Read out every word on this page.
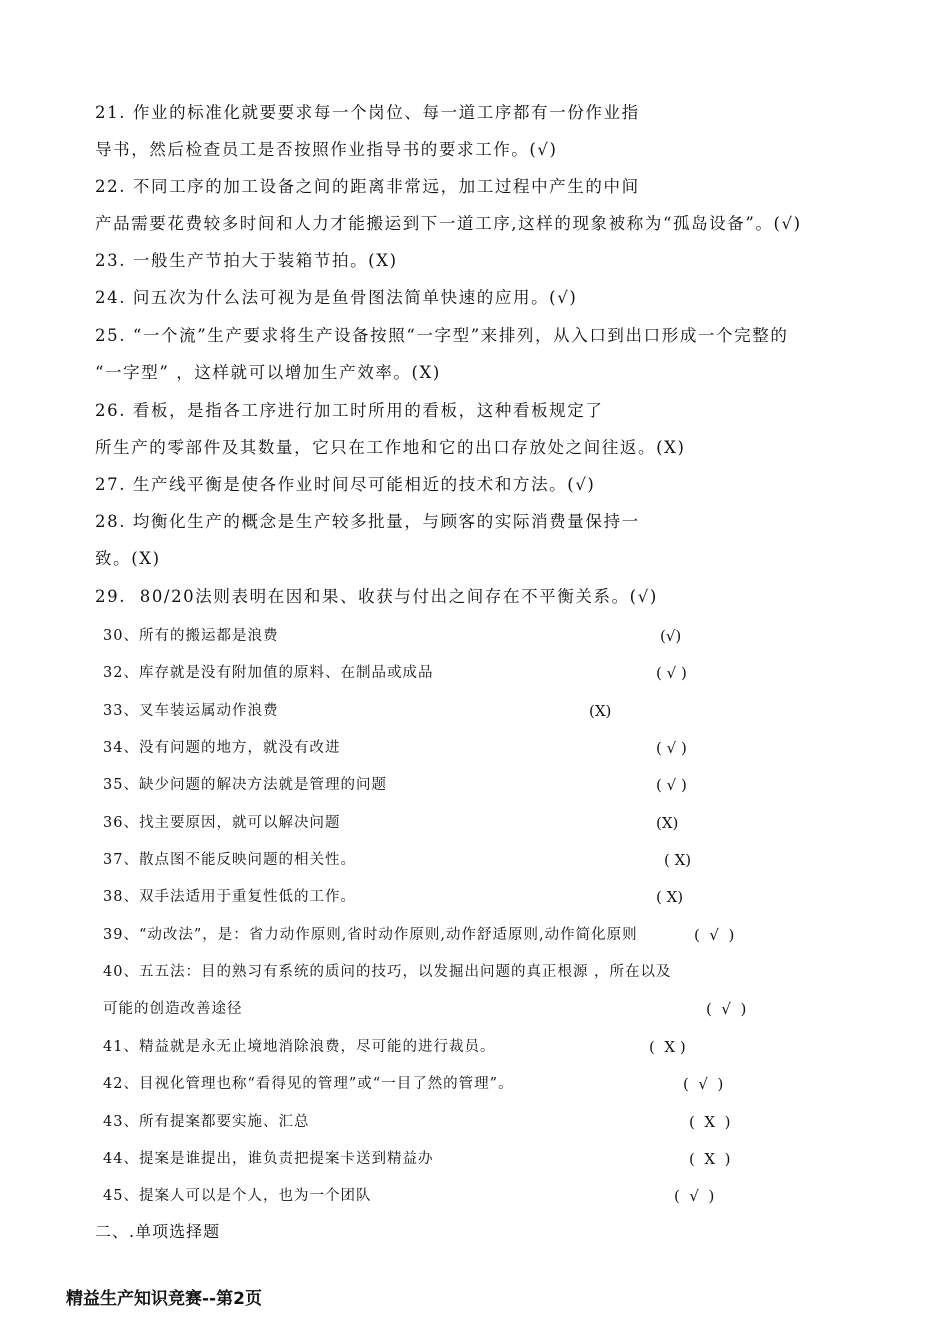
21. 作业的标准化就要要求每一个岗位、每一道工序都有一份作业指
导书，然后检查员工是否按照作业指导书的要求工作。(√)
22. 不同工序的加工设备之间的距离非常远，加工过程中产生的中间
产品需要花费较多时间和人力才能搬运到下一道工序,这样的现象被称为“孤岛设备”。(√)
23. 一般生产节拍大于装箱节拍。(X)
24. 问五次为什么法可视为是鱼骨图法简单快速的应用。(√)
25. “一个流”生产要求将生产设备按照“一字型”来排列，从入口到出口形成一个完整的
“一字型” ，这样就可以增加生产效率。(X)
26. 看板，是指各工序进行加工时所用的看板，这种看板规定了
所生产的零部件及其数量，它只在工作地和它的出口存放处之间往返。(X)
27. 生产线平衡是使各作业时间尽可能相近的技术和方法。(√)
28. 均衡化生产的概念是生产较多批量，与顾客的实际消费量保持一
致。(X)
29.  80/20法则表明在因和果、收获与付出之间存在不平衡关系。(√)
30、所有的搬运都是浪费	(√)
32、库存就是没有附加值的原料、在制品或成品	( √ )
33、叉车装运属动作浪费	(X)
34、没有问题的地方，就没有改进	( √ )
35、缺少问题的解决方法就是管理的问题	( √ )
36、找主要原因，就可以解决问题	(X)
37、散点图不能反映问题的相关性。	( X)
38、双手法适用于重复性低的工作。	( X)
39、“动改法”，是：省力动作原则,省时动作原则,动作舒适原则,动作简化原则	(  √  )
40、五五法：目的熟习有系统的质问的技巧，以发掘出问题的真正根源 ，所在以及
可能的创造改善途径	(  √  )
41、精益就是永无止境地消除浪费，尽可能的进行裁员。	(  X )
42、目视化管理也称“看得见的管理”或“一目了然的管理”。	(  √  )
43、所有提案都要实施、汇总	(  X  )
44、提案是谁提出，谁负责把提案卡送到精益办	(  X  )
45、提案人可以是个人，也为一个团队	(  √  )
二、.单项选择题
精益生产知识竞赛--第2页
